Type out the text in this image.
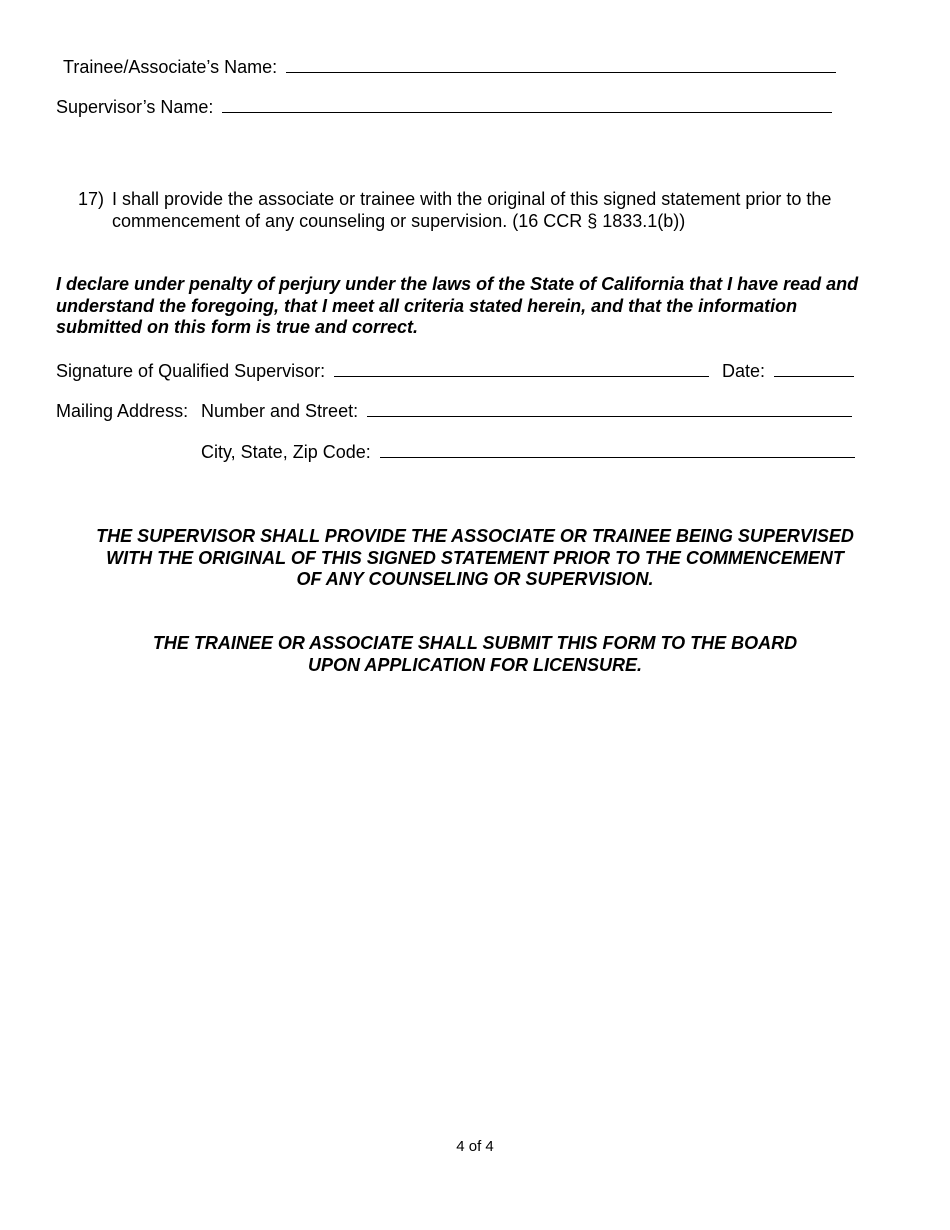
Trainee/Associate’s Name:
Supervisor’s Name:
17) I shall provide the associate or trainee with the original of this signed statement prior to the commencement of any counseling or supervision. (16 CCR § 1833.1(b))
I declare under penalty of perjury under the laws of the State of California that I have read and understand the foregoing, that I meet all criteria stated herein, and that the information submitted on this form is true and correct.
Signature of Qualified Supervisor:	Date:
Mailing Address: Number and Street:
City, State, Zip Code:
THE SUPERVISOR SHALL PROVIDE THE ASSOCIATE OR TRAINEE BEING SUPERVISED
WITH THE ORIGINAL OF THIS SIGNED STATEMENT PRIOR TO THE COMMENCEMENT
OF ANY COUNSELING OR SUPERVISION.
THE TRAINEE OR ASSOCIATE SHALL SUBMIT THIS FORM TO THE BOARD
UPON APPLICATION FOR LICENSURE.
4 of 4
